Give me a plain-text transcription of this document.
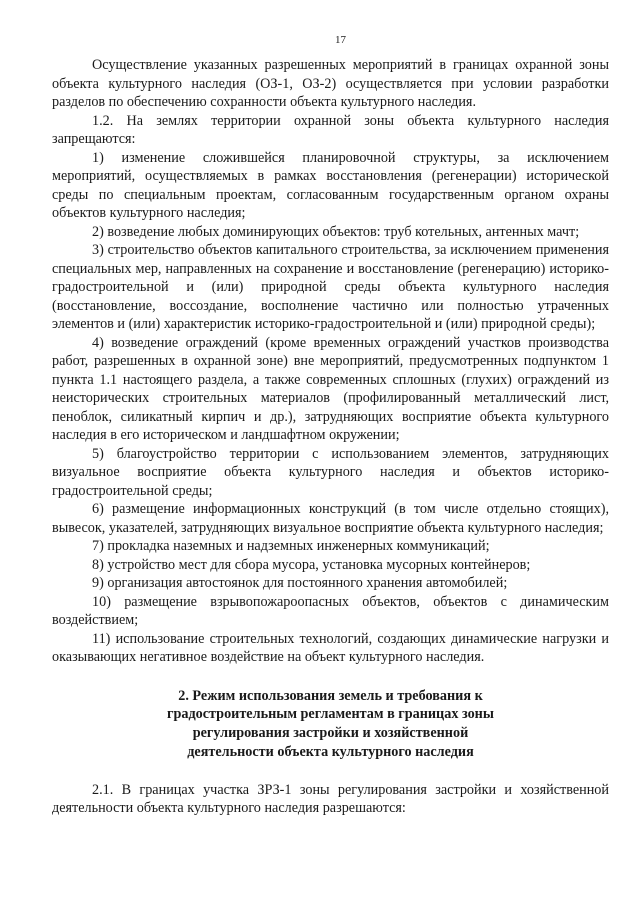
17

Осуществление указанных разрешенных мероприятий в границах охранной зоны объекта культурного наследия (ОЗ-1, ОЗ-2) осуществляется при условии разработки разделов по обеспечению сохранности объекта культурного наследия.

1.2. На землях территории охранной зоны объекта культурного наследия запрещаются:

1) изменение сложившейся планировочной структуры, за исключением мероприятий, осуществляемых в рамках восстановления (регенерации) исторической среды по специальным проектам, согласованным государственным органом охраны объектов культурного наследия;

2) возведение любых доминирующих объектов: труб котельных, антенных мачт;

3) строительство объектов капитального строительства, за исключением применения специальных мер, направленных на сохранение и восстановление (регенерацию) историко-градостроительной и (или) природной среды объекта культурного наследия (восстановление, воссоздание, восполнение частично или полностью утраченных элементов и (или) характеристик историко-градостроительной и (или) природной среды);

4) возведение ограждений (кроме временных ограждений участков производства работ, разрешенных в охранной зоне) вне мероприятий, предусмотренных подпунктом 1 пункта 1.1 настоящего раздела, а также современных сплошных (глухих) ограждений из неисторических строительных материалов (профилированный металлический лист, пеноблок, силикатный кирпич и др.), затрудняющих восприятие объекта культурного наследия в его историческом и ландшафтном окружении;

5) благоустройство территории с использованием элементов, затрудняющих визуальное восприятие объекта культурного наследия и объектов историко-градостроительной среды;

6) размещение информационных конструкций (в том числе отдельно стоящих), вывесок, указателей, затрудняющих визуальное восприятие объекта культурного наследия;

7) прокладка наземных и надземных инженерных коммуникаций;

8) устройство мест для сбора мусора, установка мусорных контейнеров;

9) организация автостоянок для постоянного хранения автомобилей;

10) размещение взрывопожароопасных объектов, объектов с динамическим воздействием;

11) использование строительных технологий, создающих динамические нагрузки и оказывающих негативное воздействие на объект культурного наследия.

2. Режим использования земель и требования к
градостроительным регламентам в границах зоны
регулирования застройки и хозяйственной
деятельности объекта культурного наследия

2.1. В границах участка ЗРЗ-1 зоны регулирования застройки и хозяйственной деятельности объекта культурного наследия разрешаются:
